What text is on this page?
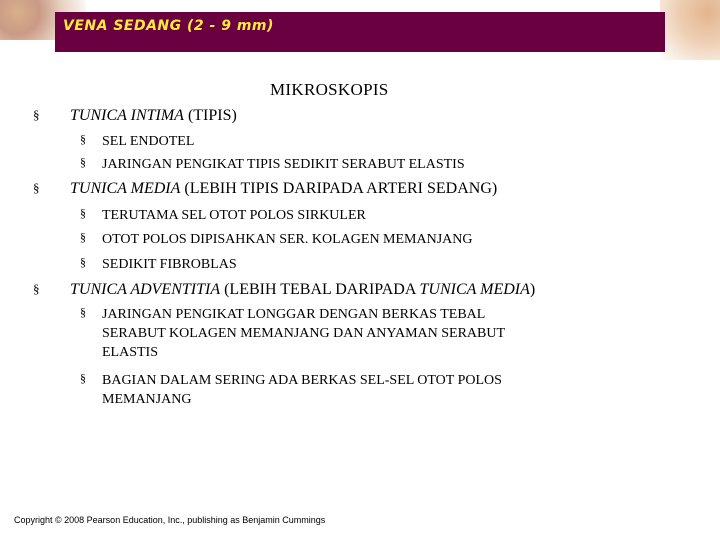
VENA SEDANG (2 - 9 mm)
MIKROSKOPIS
§ TUNICA INTIMA (TIPIS)
§ SEL ENDOTEL
§ JARINGAN PENGIKAT TIPIS SEDIKIT SERABUT ELASTIS
§ TUNICA MEDIA (LEBIH TIPIS DARIPADA ARTERI SEDANG)
§ TERUTAMA SEL OTOT POLOS SIRKULER
§ OTOT POLOS DIPISAHKAN SER. KOLAGEN MEMANJANG
§ SEDIKIT FIBROBLAS
§ TUNICA ADVENTITIA (LEBIH TEBAL DARIPADA TUNICA MEDIA)
§ JARINGAN PENGIKAT LONGGAR DENGAN BERKAS TEBAL
SERABUT KOLAGEN MEMANJANG DAN ANYAMAN SERABUT
ELASTIS
§ BAGIAN DALAM SERING ADA BERKAS SEL-SEL OTOT POLOS
MEMANJANG
Copyright © 2008 Pearson Education, Inc., publishing as Benjamin Cummings
